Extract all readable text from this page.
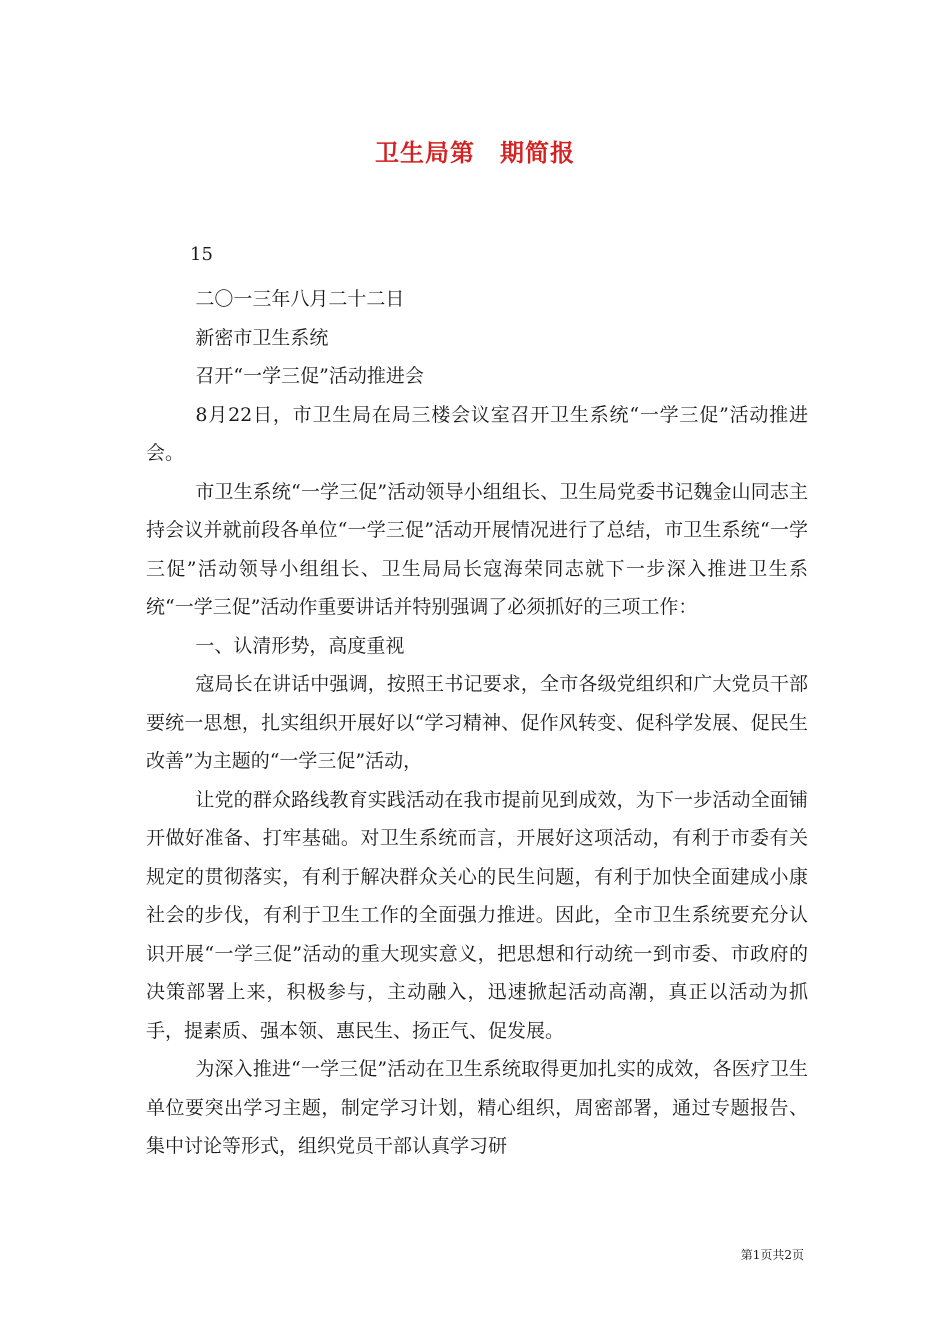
卫生局第　期简报
15

二〇一三年八月二十二日

新密市卫生系统

召开“一学三促”活动推进会

8月22日，市卫生局在局三楼会议室召开卫生系统“一学三促”活动推进会。

市卫生系统“一学三促”活动领导小组组长、卫生局党委书记魏金山同志主持会议并就前段各单位“一学三促”活动开展情况进行了总结，市卫生系统“一学三促”活动领导小组组长、卫生局局长寇海荣同志就下一步深入推进卫生系统“一学三促”活动作重要讲话并特别强调了必须抓好的三项工作：

一、认清形势，高度重视

寇局长在讲话中强调，按照王书记要求，全市各级党组织和广大党员干部要统一思想，扎实组织开展好以“学习精神、促作风转变、促科学发展、促民生改善”为主题的“一学三促”活动，

让党的群众路线教育实践活动在我市提前见到成效，为下一步活动全面铺开做好准备、打牢基础。对卫生系统而言，开展好这项活动，有利于市委有关规定的贯彻落实，有利于解决群众关心的民生问题，有利于加快全面建成小康社会的步伐，有利于卫生工作的全面强力推进。因此，全市卫生系统要充分认识开展“一学三促”活动的重大现实意义，把思想和行动统一到市委、市政府的决策部署上来，积极参与，主动融入，迅速掀起活动高潮，真正以活动为抓手，提素质、强本领、惠民生、扬正气、促发展。

为深入推进“一学三促”活动在卫生系统取得更加扎实的成效，各医疗卫生单位要突出学习主题，制定学习计划，精心组织，周密部署，通过专题报告、集中讨论等形式，组织党员干部认真学习研

第1页共2页
